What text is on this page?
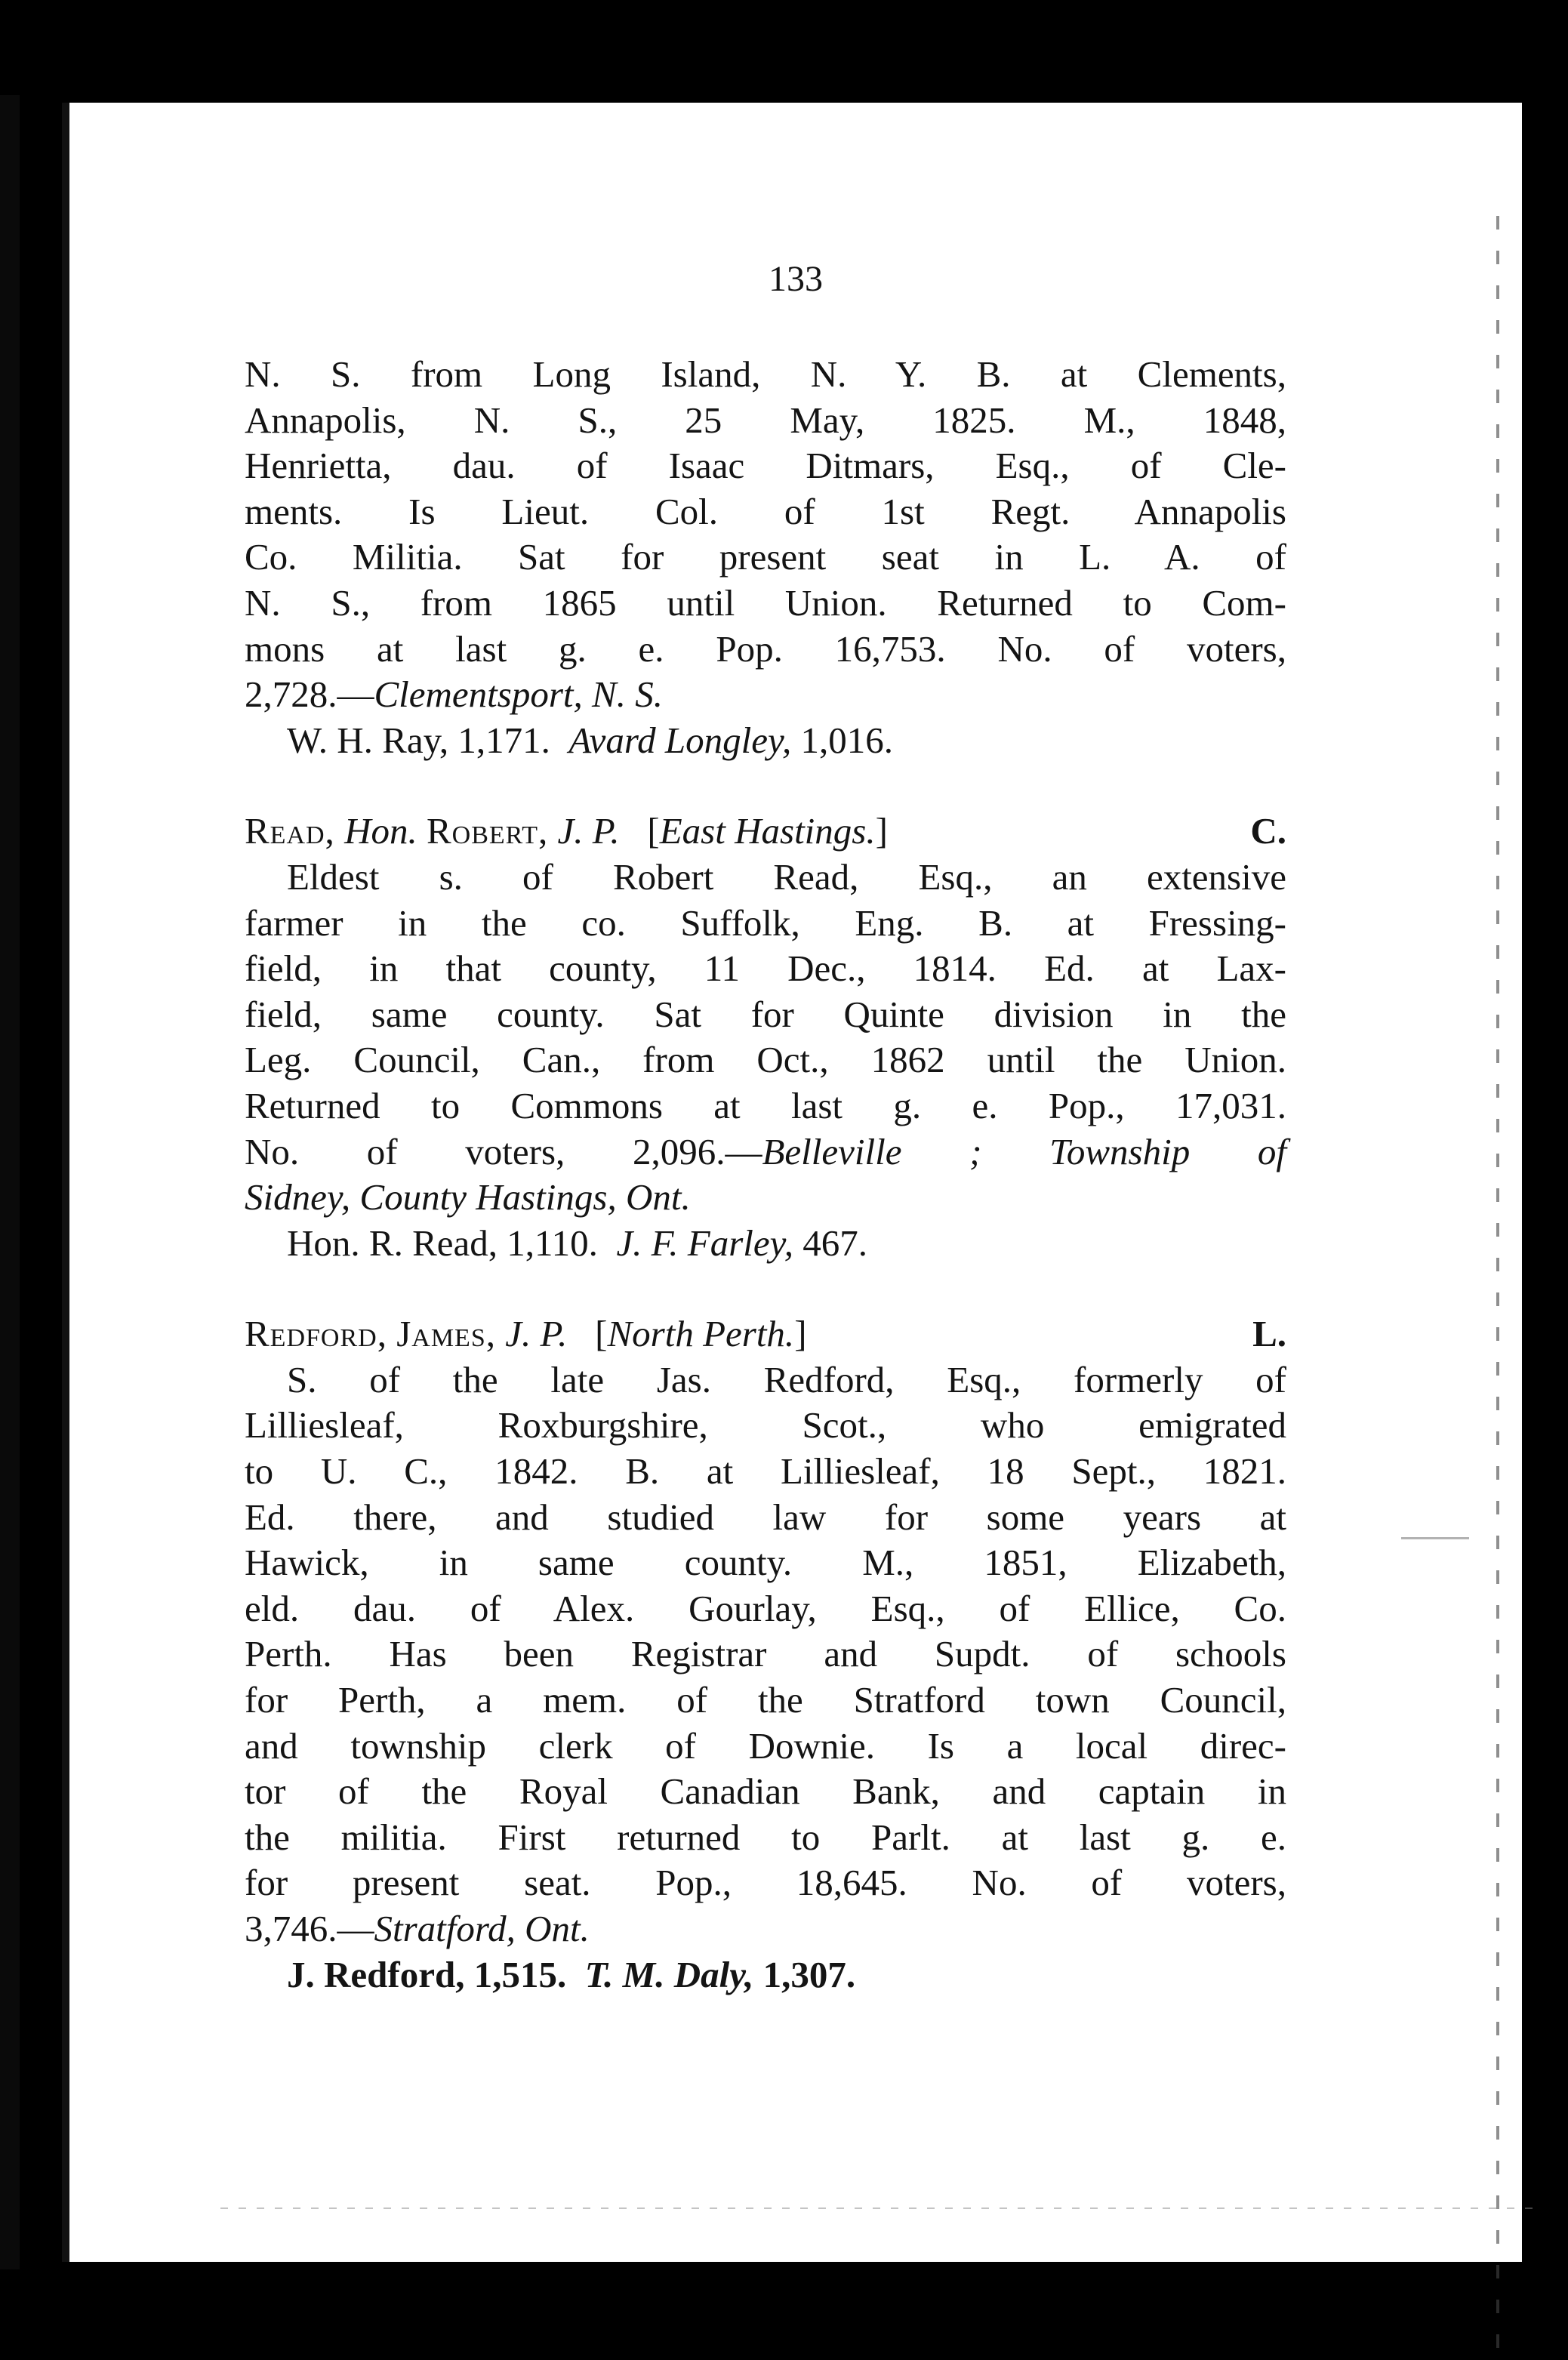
133
N. S. from Long Island, N. Y. B. at Clements,
Annapolis, N. S., 25 May, 1825. M., 1848,
Henrietta, dau. of Isaac Ditmars, Esq., of Cle-
ments. Is Lieut. Col. of 1st Regt. Annapolis
Co. Militia. Sat for present seat in L. A. of
N. S., from 1865 until Union. Returned to Com-
mons at last g. e. Pop. 16,753. No. of voters,
2,728.—Clementsport, N. S.
W. H. Ray, 1,171. Avard Longley, 1,016.
Read, Hon. Robert, J. P.   [East Hastings.]	C.
Eldest s. of Robert Read, Esq., an extensive
farmer in the co. Suffolk, Eng. B. at Fressing-
field, in that county, 11 Dec., 1814. Ed. at Lax-
field, same county. Sat for Quinte division in the
Leg. Council, Can., from Oct., 1862 until the Union.
Returned to Commons at last g. e. Pop., 17,031.
No. of voters, 2,096.—Belleville ; Township of
Sidney, County Hastings, Ont.
Hon. R. Read, 1,110. J. F. Farley, 467.
Redford, James, J. P.   [North Perth.]	L.
S. of the late Jas. Redford, Esq., formerly of
Lilliesleaf, Roxburgshire, Scot., who emigrated
to U. C., 1842. B. at Lilliesleaf, 18 Sept., 1821.
Ed. there, and studied law for some years at
Hawick, in same county. M., 1851, Elizabeth,
eld. dau. of Alex. Gourlay, Esq., of Ellice, Co.
Perth. Has been Registrar and Supdt. of schools
for Perth, a mem. of the Stratford town Council,
and township clerk of Downie. Is a local direc-
tor of the Royal Canadian Bank, and captain in
the militia. First returned to Parlt. at last g. e.
for present seat. Pop., 18,645. No. of voters,
3,746.—Stratford, Ont.
J. Redford, 1,515. T. M. Daly, 1,307.
